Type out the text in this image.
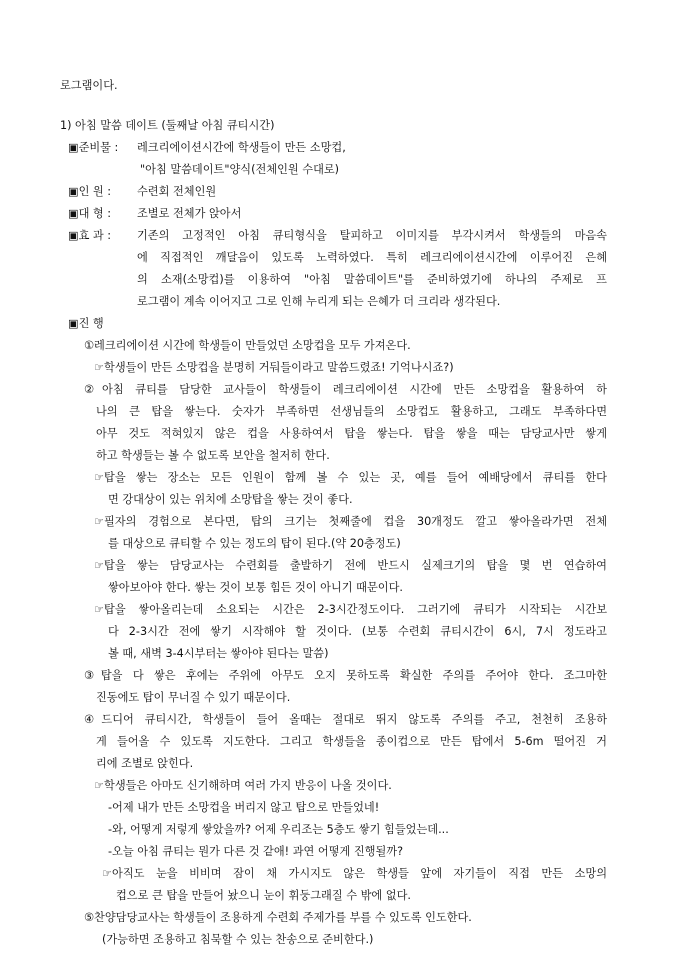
로그램이다.
1) 아침 말씀 데이트 (둘째날 아침 큐티시간)
▣준비물 : 레크리에이션시간에 학생들이 만든 소망컵,
"아침 말씀데이트"양식(전체인원 수대로)
▣인 원 : 수련회 전체인원
▣대 형 : 조별로 전체가 앉아서
▣효 과 : 기존의 고정적인 아침 큐티형식을 탈피하고 이미지를 부각시켜서 학생들의 마음속
에 직접적인 깨달음이 있도록 노력하였다. 특히 레크리에이션시간에 이루어진 은혜
의 소재(소망컵)를 이용하여 "아침 말씀데이트"를 준비하였기에 하나의 주제로 프
로그램이 계속 이어지고 그로 인해 누리게 되는 은혜가 더 크리라 생각된다.
▣진 행
①레크리에이션 시간에 학생들이 만들었던 소망컵을 모두 가져온다.
☞학생들이 만든 소망컵을 분명히 거둬들이라고 말씀드렸죠! 기억나시죠?)
②아침 큐티를 담당한 교사들이 학생들이 레크리에이션 시간에 만든 소망컵을 활용하여 하
나의 큰 탑을 쌓는다. 숫자가 부족하면 선생님들의 소망컵도 활용하고, 그래도 부족하다면
아무 것도 적혀있지 않은 컵을 사용하여서 탑을 쌓는다. 탑을 쌓을 때는 담당교사만 쌓게
하고 학생들는 볼 수 없도록 보안을 철저히 한다.
☞탑을 쌓는 장소는 모든 인원이 함께 볼 수 있는 곳, 예를 들어 예배당에서 큐티를 한다
면 강대상이 있는 위치에 소망탑을 쌓는 것이 좋다.
☞필자의 경험으로 본다면, 탑의 크기는 첫째줄에 컵을 30개정도 깔고 쌓아올라가면 전체
를 대상으로 큐티할 수 있는 정도의 탑이 된다.(약 20층정도)
☞탑을 쌓는 담당교사는 수련회를 출발하기 전에 반드시 실제크기의 탑을 몇 번 연습하여
쌓아보아야 한다. 쌓는 것이 보통 힘든 것이 아니기 때문이다.
☞탑을 쌓아올리는데 소요되는 시간은 2-3시간정도이다. 그러기에 큐티가 시작되는 시간보
다 2-3시간 전에 쌓기 시작해야 할 것이다. (보통 수련회 큐티시간이 6시, 7시 정도라고
볼 때, 새벽 3-4시부터는 쌓아야 된다는 말씀)
③탑을 다 쌓은 후에는 주위에 아무도 오지 못하도록 확실한 주의를 주어야 한다. 조그마한
진동에도 탑이 무너질 수 있기 때문이다.
④드디어 큐티시간, 학생들이 들어 올때는 절대로 뛰지 않도록 주의를 주고, 천천히 조용하
게 들어올 수 있도록 지도한다. 그리고 학생들을 종이컵으로 만든 탑에서 5-6m 떨어진 거
리에 조별로 앉힌다.
☞학생들은 아마도 신기해하며 여러 가지 반응이 나올 것이다.
-어제 내가 만든 소망컵을 버리지 않고 탑으로 만들었네!
-와, 어떻게 저렇게 쌓았을까? 어제 우리조는 5층도 쌓기 힘들었는데...
-오늘 아침 큐티는 뭔가 다른 것 같애! 과연 어떻게 진행될까?
☞아직도 눈을 비비며 잠이 채 가시지도 않은 학생들 앞에 자기들이 직접 만든 소망의
컵으로 큰 탑을 만들어 놨으니 눈이 휘둥그래질 수 밖에 없다.
⑤찬양담당교사는 학생들이 조용하게 수련회 주제가를 부를 수 있도록 인도한다.
(가능하면 조용하고 침묵할 수 있는 찬송으로 준비한다.)
